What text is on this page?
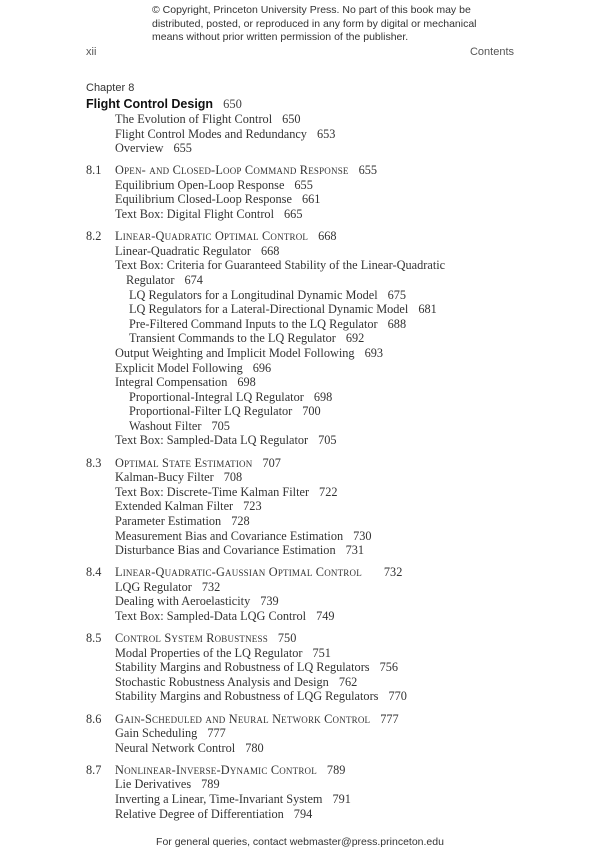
© Copyright, Princeton University Press. No part of this book may be
distributed, posted, or reproduced in any form by digital or mechanical
means without prior written permission of the publisher.
xii	Contents
Chapter 8
Flight Control Design 650
The Evolution of Flight Control 650
Flight Control Modes and Redundancy 653
Overview 655
8.1 Open- and Closed-Loop Command Response 655
Equilibrium Open-Loop Response 655
Equilibrium Closed-Loop Response 661
Text Box: Digital Flight Control 665
8.2 Linear-Quadratic Optimal Control 668
Linear-Quadratic Regulator 668
Text Box: Criteria for Guaranteed Stability of the Linear-Quadratic
Regulator 674
LQ Regulators for a Longitudinal Dynamic Model 675
LQ Regulators for a Lateral-Directional Dynamic Model 681
Pre-Filtered Command Inputs to the LQ Regulator 688
Transient Commands to the LQ Regulator 692
Output Weighting and Implicit Model Following 693
Explicit Model Following 696
Integral Compensation 698
Proportional-Integral LQ Regulator 698
Proportional-Filter LQ Regulator 700
Washout Filter 705
Text Box: Sampled-Data LQ Regulator 705
8.3 Optimal State Estimation 707
Kalman-Bucy Filter 708
Text Box: Discrete-Time Kalman Filter 722
Extended Kalman Filter 723
Parameter Estimation 728
Measurement Bias and Covariance Estimation 730
Disturbance Bias and Covariance Estimation 731
8.4 Linear-Quadratic-Gaussian Optimal Control 732
LQG Regulator 732
Dealing with Aeroelasticity 739
Text Box: Sampled-Data LQG Control 749
8.5 Control System Robustness 750
Modal Properties of the LQ Regulator 751
Stability Margins and Robustness of LQ Regulators 756
Stochastic Robustness Analysis and Design 762
Stability Margins and Robustness of LQG Regulators 770
8.6 Gain-Scheduled and Neural Network Control 777
Gain Scheduling 777
Neural Network Control 780
8.7 Nonlinear-Inverse-Dynamic Control 789
Lie Derivatives 789
Inverting a Linear, Time-Invariant System 791
Relative Degree of Differentiation 794
For general queries, contact webmaster@press.princeton.edu
